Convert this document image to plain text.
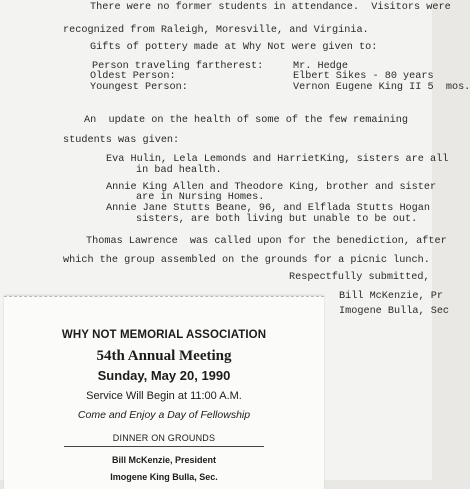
There were no former students in attendance.  Visitors were
recognized from Raleigh, Moresville, and Virginia.
Gifts of pottery made at Why Not were given to:
Person traveling fartherest:	Mr. Hedge
Oldest Person:	Elbert Sikes - 80 years
Youngest Person:	Vernon Eugene King II 5  mos.
An  update on the health of some of the few remaining
students was given:
Eva Hulin, Lela Lemonds and HarrietKing, sisters are all
in bad health.
Annie King Allen and Theodore King, brother and sister
are in Nursing Homes.
Annie Jane Stutts Beane, 96, and Elflada Stutts Hogan
sisters, are both living but unable to be out.
Thomas Lawrence  was called upon for the benediction, after
which the group assembled on the grounds for a picnic lunch.
Respectfully submitted,
Bill McKenzie, Pr
Imogene Bulla, Sec
WHY NOT MEMORIAL ASSOCIATION
54th Annual Meeting
Sunday, May 20, 1990
Service Will Begin at 11:00 A.M.
Come and Enjoy a Day of Fellowship
DINNER ON GROUNDS
Bill McKenzie, President
Imogene King Bulla, Sec.
